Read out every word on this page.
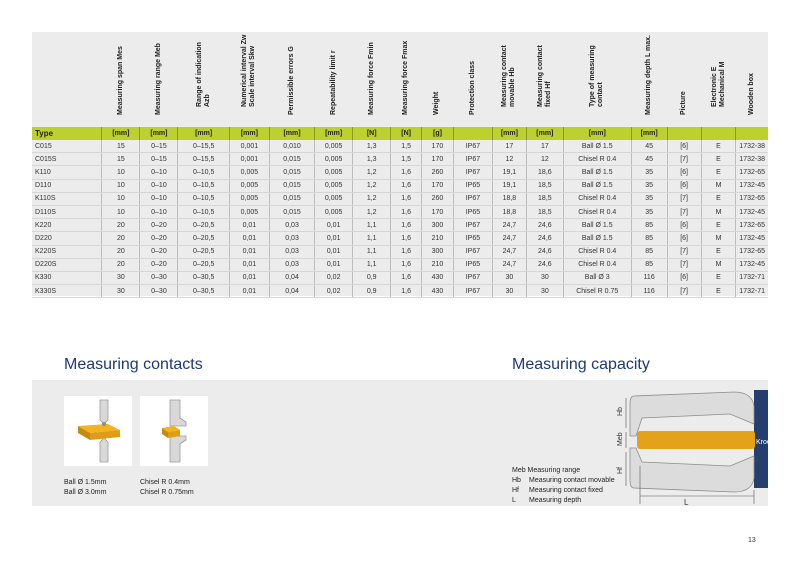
	Measuring span Mes	Measuring range Meb	Range of indication Azb	Numerical interval Zw Scale interval Skw	Permissible errors G	Repeatability limit r	Measuring force Fmin	Measuring force Fmax	Weight	Protection class	Measuring contact movable Hb	Measuring contact fixed Hf	Type of measuring contact	Measuring depth L max.	Picture	Electronic E Mechanical M	Wooden box

Type	[mm]	[mm]	[mm]	[mm]	[mm]	[mm]	[N]	[N]	[g]		[mm]	[mm]	[mm]	[mm]			
C015	15	0–15	0–15,5	0,001	0,010	0,005	1,3	1,5	170	IP67	17	17	Ball Ø 1.5	45	[6]	E	1732-38
C015S	15	0–15	0–15,5	0,001	0,015	0,005	1,3	1,5	170	IP67	12	12	Chisel R 0.4	45	[7]	E	1732-38
K110	10	0–10	0–10,5	0,005	0,015	0,005	1,2	1,6	260	IP67	19,1	18,6	Ball Ø 1.5	35	[6]	E	1732-65
D110	10	0–10	0–10,5	0,005	0,015	0,005	1,2	1,6	170	IP65	19,1	18,5	Ball Ø 1.5	35	[6]	M	1732-45
K110S	10	0–10	0–10,5	0,005	0,015	0,005	1,2	1,6	260	IP67	18,8	18,5	Chisel R 0.4	35	[7]	E	1732-65
D110S	10	0–10	0–10,5	0,005	0,015	0,005	1,2	1,6	170	IP65	18,8	18,5	Chisel R 0.4	35	[7]	M	1732-45
K220	20	0–20	0–20,5	0,01	0,03	0,01	1,1	1,6	300	IP67	24,7	24,6	Ball Ø 1.5	85	[6]	E	1732-65
D220	20	0–20	0–20,5	0,01	0,03	0,01	1,1	1,6	210	IP65	24,7	24,6	Ball Ø 1.5	85	[6]	M	1732-45
K220S	20	0–20	0–20,5	0,01	0,03	0,01	1,1	1,6	300	IP67	24,7	24,6	Chisel R 0.4	85	[7]	E	1732-65
D220S	20	0–20	0–20,5	0,01	0,03	0,01	1,1	1,6	210	IP65	24,7	24,6	Chisel R 0.4	85	[7]	M	1732-45
K330	30	0–30	0–30,5	0,01	0,04	0,02	0,9	1,6	430	IP67	30	30	Ball Ø 3	116	[6]	E	1732-71
K330S	30	0–30	0–30,5	0,01	0,04	0,02	0,9	1,6	430	IP67	30	30	Chisel R 0.75	116	[7]	E	1732-71
Measuring contacts	Measuring capacity
Ball Ø 1.5mm
Ball Ø 3.0mm
Chisel R 0.4mm
Chisel R 0.75mm
Kroe
L
Hb
Meb
Hf
Meb Measuring range
Hb	Measuring contact movable
Hf	Measuring contact fixed
L	Measuring depth
13
